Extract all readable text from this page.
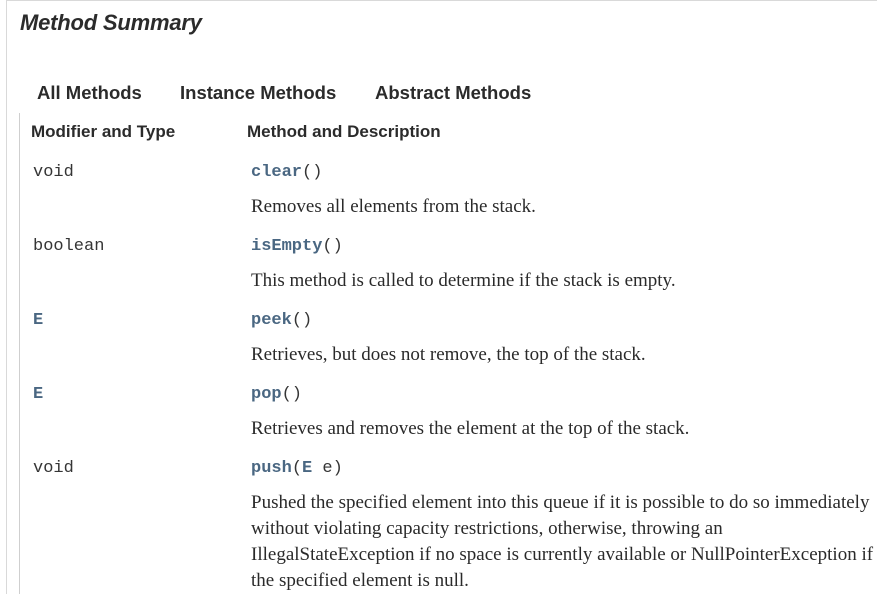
Method Summary
All Methods Instance Methods Abstract Methods
Modifier and Type	Method and Description
void	clear()
Removes all elements from the stack.
boolean	isEmpty()
This method is called to determine if the stack is empty.
E	peek()
Retrieves, but does not remove, the top of the stack.
E	pop()
Retrieves and removes the element at the top of the stack.
void	push(E e)
Pushed the specified element into this queue if it is possible to do so immediately without violating capacity restrictions, otherwise, throwing an IllegalStateException if no space is currently available or NullPointerException if the specified element is null.
